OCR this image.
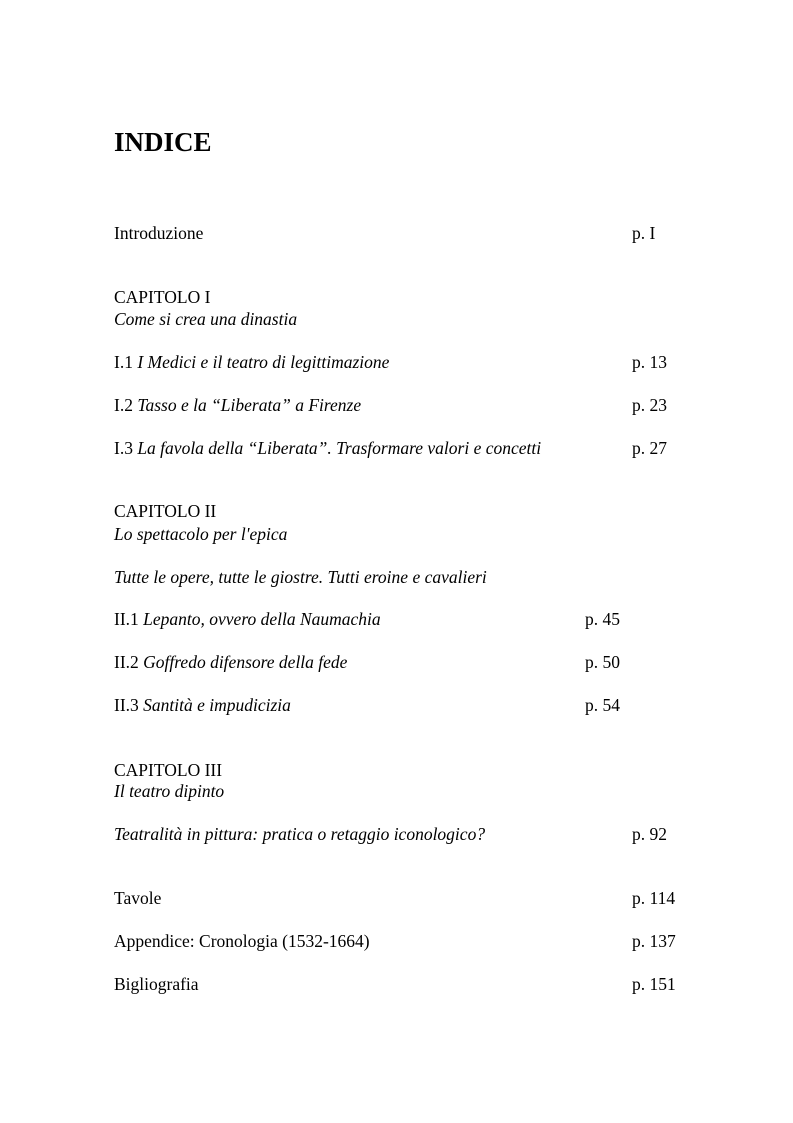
INDICE
Introduzione	p. I
CAPITOLO I
Come si crea una dinastia
I.1 I Medici e il teatro di legittimazione	p. 13
I.2 Tasso e la “Liberata” a Firenze	p. 23
I.3 La favola della “Liberata”. Trasformare valori e concetti	p. 27
CAPITOLO II
Lo spettacolo per l'epica
Tutte le opere, tutte le giostre. Tutti eroine e cavalieri
II.1 Lepanto, ovvero della Naumachia	p. 45
II.2 Goffredo difensore della fede	p. 50
II.3 Santità e impudicizia	p. 54
CAPITOLO III
Il teatro dipinto
Teatralità in pittura: pratica o retaggio iconologico?	p. 92
Tavole	p. 114
Appendice: Cronologia (1532-1664)	p. 137
Bigliografia	p. 151
